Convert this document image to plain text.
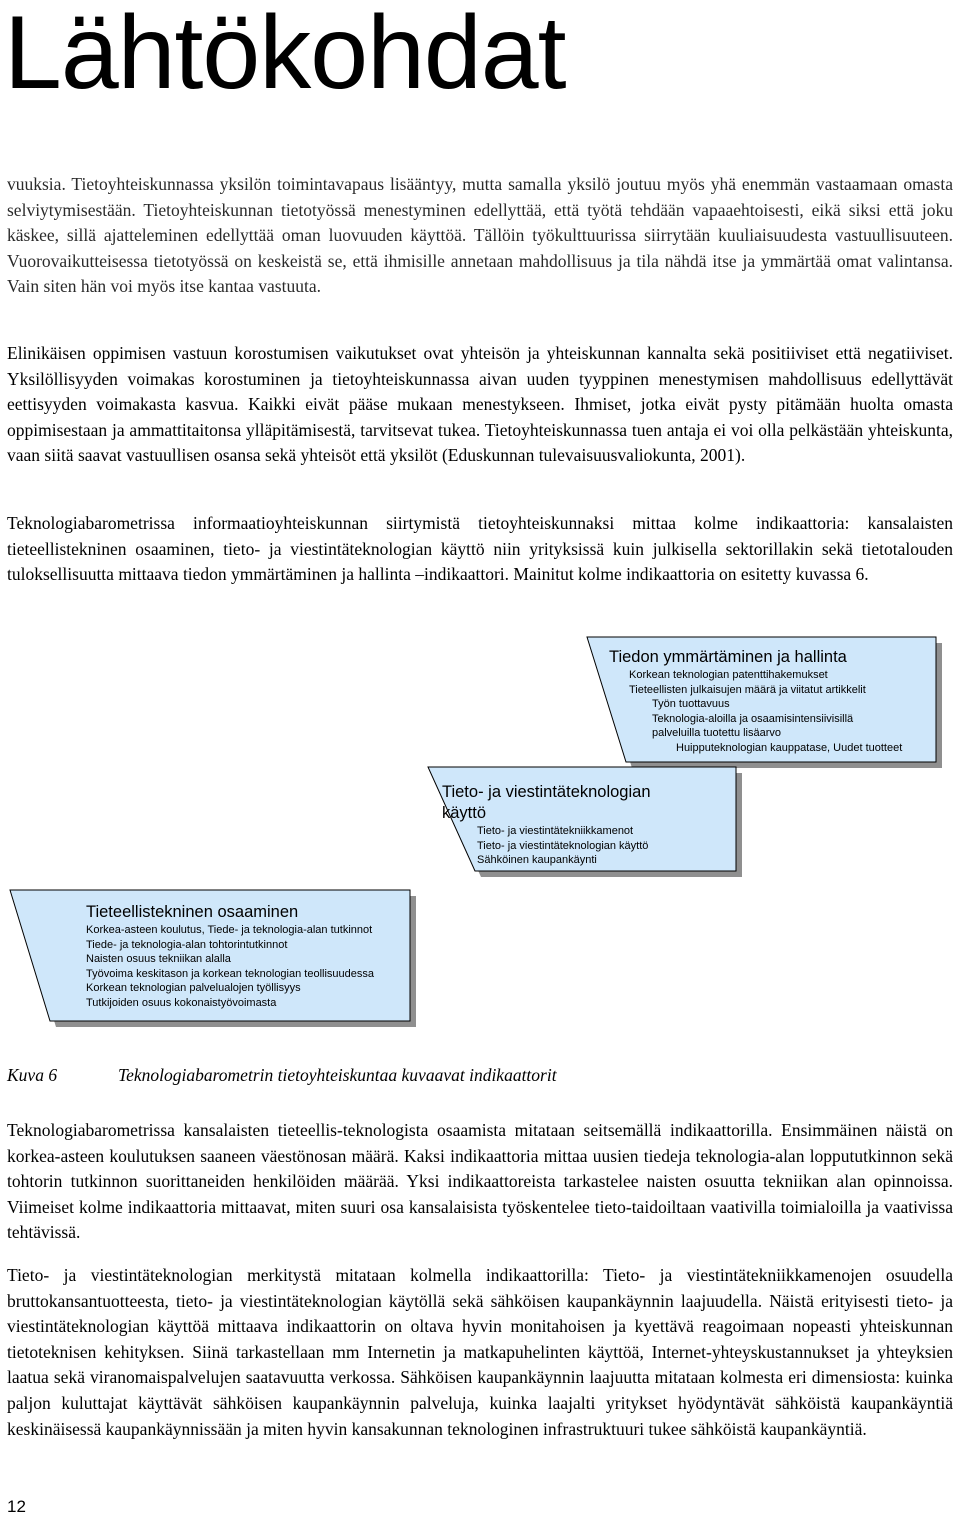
Lähtökohdat

vuuksia. Tietoyhteiskunnassa yksilön toimintavapaus lisääntyy, mutta samalla yksilö joutuu myös yhä enemmän vastaamaan omasta selviytymisestään. Tietoyhteiskunnan tietotyössä menestyminen edellyttää, että työtä tehdään vapaaehtoisesti, eikä siksi että joku käskee, sillä ajatteleminen edellyttää oman luovuuden käyttöä. Tällöin työkulttuurissa siirrytään kuuliaisuudesta vastuullisuuteen. Vuorovaikutteisessa tietotyössä on keskeistä se, että ihmisille annetaan mahdollisuus ja tila nähdä itse ja ymmärtää omat valintansa. Vain siten hän voi myös itse kantaa vastuuta.

Elinikäisen oppimisen vastuun korostumisen vaikutukset ovat yhteisön ja yhteiskunnan kannalta sekä positiiviset että negatiiviset. Yksilöllisyyden voimakas korostuminen ja tietoyhteiskunnassa aivan uuden tyyppinen menestymisen mahdollisuus edellyttävät eettisyyden voimakasta kasvua. Kaikki eivät pääse mukaan menestykseen. Ihmiset, jotka eivät pysty pitämään huolta omasta oppimisestaan ja ammattitaitonsa ylläpitämisestä, tarvitsevat tukea. Tietoyhteiskunnassa tuen antaja ei voi olla pelkästään yhteiskunta, vaan siitä saavat vastuullisen osansa sekä yhteisöt että yksilöt (Eduskunnan tulevaisuusvaliokunta, 2001).

Teknologiabarometrissa informaatioyhteiskunnan siirtymistä tietoyhteiskunnaksi mittaa kolme indikaattoria: kansalaisten tieteellistekninen osaaminen, tieto- ja viestintäteknologian käyttö niin yrityksissä kuin julkisella sektorillakin sekä tietotalouden tuloksellisuutta mittaava tiedon ymmärtäminen ja hallinta –indikaattori. Mainitut kolme indikaattoria on esitetty kuvassa 6.

Tiedon ymmärtäminen ja hallinta

Korkean teknologian patenttihakemukset

Tieteellisten julkaisujen määrä ja viitatut artikkelit

Työn tuottavuus

Teknologia-aloilla ja osaamisintensiivisillä

palveluilla tuotettu lisäarvo

Huipputeknologian kauppatase, Uudet tuotteet

Tieto- ja viestintäteknologian

käyttö

Tieto- ja viestintätekniikkamenot

Tieto- ja viestintäteknologian käyttö

Sähköinen kaupankäynti

Tieteellistekninen osaaminen

Korkea-asteen koulutus, Tiede- ja teknologia-alan tutkinnot

Tiede- ja teknologia-alan tohtorintutkinnot

Naisten osuus tekniikan alalla

Työvoima keskitason ja korkean teknologian teollisuudessa

Korkean teknologian palvelualojen työllisyys

Tutkijoiden osuus kokonaistyövoimasta

Kuva 6	Teknologiabarometrin tietoyhteiskuntaa kuvaavat indikaattorit

Teknologiabarometrissa kansalaisten tieteellis-teknologista osaamista mitataan seitsemällä indikaattorilla. Ensimmäinen näistä on korkea-asteen koulutuksen saaneen väestönosan määrä. Kaksi indikaattoria mittaa uusien tiedeja teknologia-alan loppututkinnon sekä tohtorin tutkinnon suorittaneiden henkilöiden määrää. Yksi indikaattoreista tarkastelee naisten osuutta tekniikan alan opinnoissa. Viimeiset kolme indikaattoria mittaavat, miten suuri osa kansalaisista työskentelee tieto-taidoiltaan vaativilla toimialoilla ja vaativissa tehtävissä.

Tieto- ja viestintäteknologian merkitystä mitataan kolmella indikaattorilla: Tieto- ja viestintätekniikkamenojen osuudella bruttokansantuotteesta, tieto- ja viestintäteknologian käytöllä sekä sähköisen kaupankäynnin laajuudella. Näistä erityisesti tieto- ja viestintäteknologian käyttöä mittaava indikaattorin on oltava hyvin monitahoisen ja kyettävä reagoimaan nopeasti yhteiskunnan tietoteknisen kehityksen. Siinä tarkastellaan mm Internetin ja matkapuhelinten käyttöä, Internet-yhteyskustannukset ja yhteyksien laatua sekä viranomaispalvelujen saatavuutta verkossa. Sähköisen kaupankäynnin laajuutta mitataan kolmesta eri dimensiosta: kuinka paljon kuluttajat käyttävät sähköisen kaupankäynnin palveluja, kuinka laajalti yritykset hyödyntävät sähköistä kaupankäyntiä keskinäisessä kaupankäynnissään ja miten hyvin kansakunnan teknologinen infrastruktuuri tukee sähköistä kaupankäyntiä.

12
